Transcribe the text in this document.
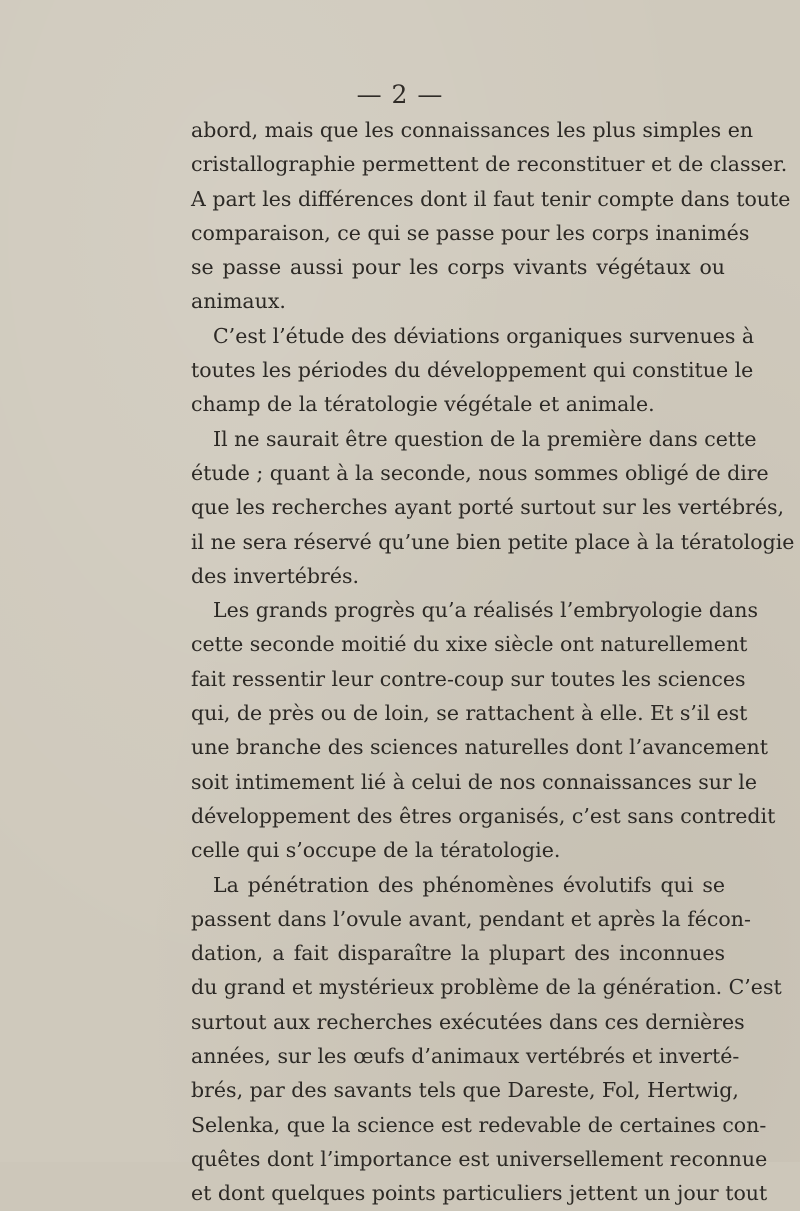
— 2 —
abord, mais que les connaissances les plus simples en
cristallographie permettent de reconstituer et de classer.
A part les différences dont il faut tenir compte dans toute
comparaison, ce qui se passe pour les corps inanimés
se passe aussi pour les corps vivants végétaux ou
animaux.
C’est l’étude des déviations organiques survenues à
toutes les périodes du développement qui constitue le
champ de la tératologie végétale et animale.
Il ne saurait être question de la première dans cette
étude ; quant à la seconde, nous sommes obligé de dire
que les recherches ayant porté surtout sur les vertébrés,
il ne sera réservé qu’une bien petite place à la tératologie
des invertébrés.
Les grands progrès qu’a réalisés l’embryologie dans
cette seconde moitié du xixe siècle ont naturellement
fait ressentir leur contre-coup sur toutes les sciences
qui, de près ou de loin, se rattachent à elle. Et s’il est
une branche des sciences naturelles dont l’avancement
soit intimement lié à celui de nos connaissances sur le
développement des êtres organisés, c’est sans contredit
celle qui s’occupe de la tératologie.
La pénétration des phénomènes évolutifs qui se
passent dans l’ovule avant, pendant et après la fécon-
dation, a fait disparaître la plupart des inconnues
du grand et mystérieux problème de la génération. C’est
surtout aux recherches exécutées dans ces dernières
années, sur les œufs d’animaux vertébrés et inverté-
brés, par des savants tels que Dareste, Fol, Hertwig,
Selenka, que la science est redevable de certaines con-
quêtes dont l’importance est universellement reconnue
et dont quelques points particuliers jettent un jour tout
